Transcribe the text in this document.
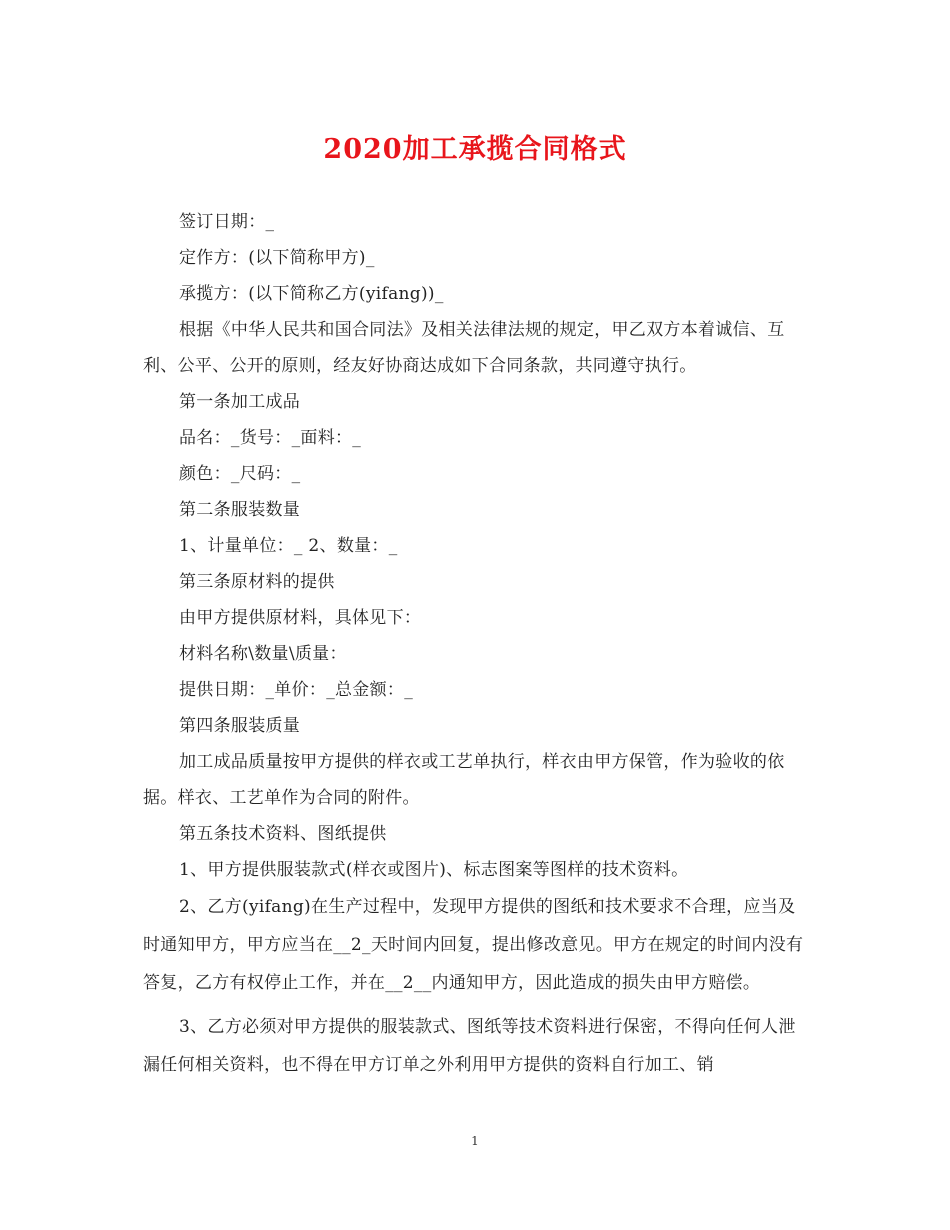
2020加工承揽合同格式

签订日期：_

定作方：(以下简称甲方)_

承揽方：(以下简称乙方(yifang))_

根据《中华人民共和国合同法》及相关法律法规的规定，甲乙双方本着诚信、互利、公平、公开的原则，经友好协商达成如下合同条款，共同遵守执行。

第一条加工成品

品名：_货号：_面料：_

颜色：_尺码：_

第二条服装数量

1、计量单位：_ 2、数量：_

第三条原材料的提供

由甲方提供原材料，具体见下：

材料名称\数量\质量：

提供日期：_单价：_总金额：_

第四条服装质量

加工成品质量按甲方提供的样衣或工艺单执行，样衣由甲方保管，作为验收的依据。样衣、工艺单作为合同的附件。

第五条技术资料、图纸提供

1、甲方提供服装款式(样衣或图片)、标志图案等图样的技术资料。

2、乙方(yifang)在生产过程中，发现甲方提供的图纸和技术要求不合理，应当及时通知甲方，甲方应当在__2_天时间内回复，提出修改意见。甲方在规定的时间内没有答复，乙方有权停止工作，并在__2__内通知甲方，因此造成的损失由甲方赔偿。

3、乙方必须对甲方提供的服装款式、图纸等技术资料进行保密，不得向任何人泄漏任何相关资料，也不得在甲方订单之外利用甲方提供的资料自行加工、销

1
